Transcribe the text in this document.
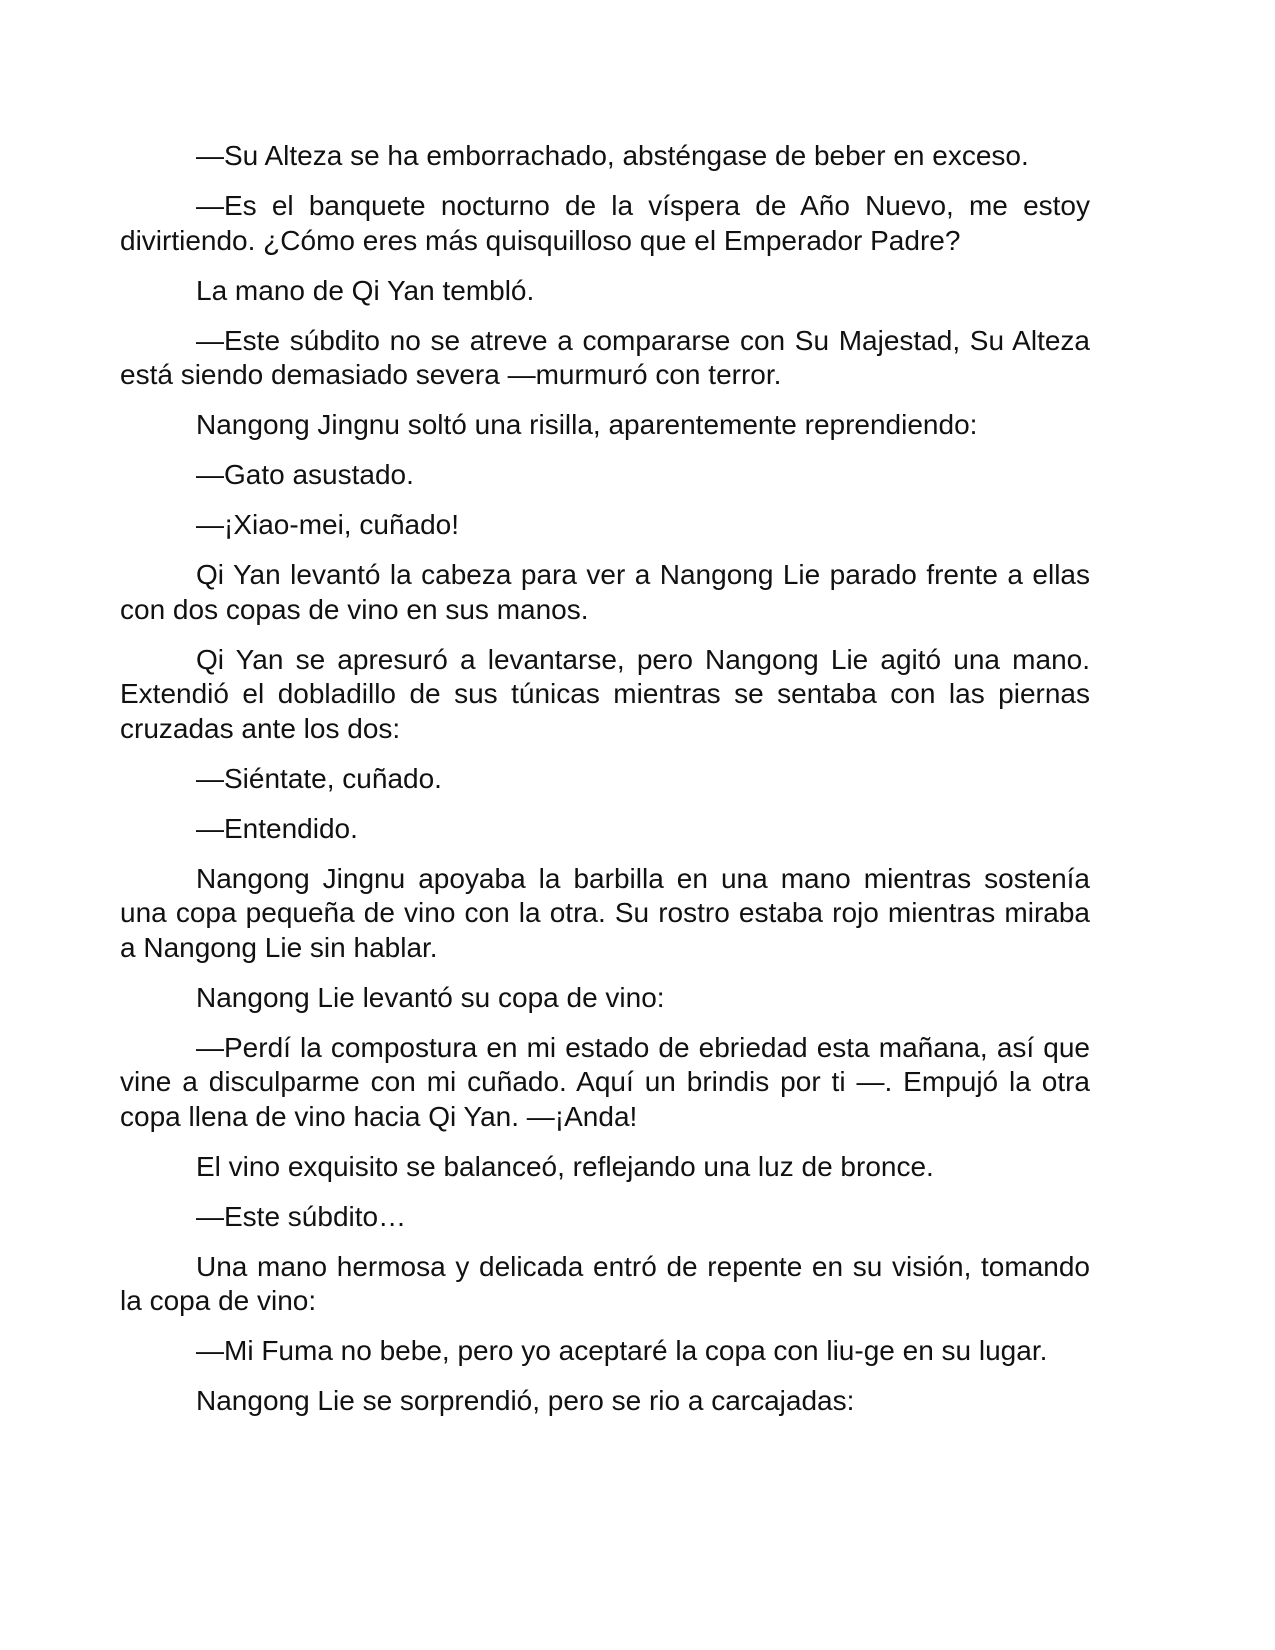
—Su Alteza se ha emborrachado, absténgase de beber en exceso.

—Es el banquete nocturno de la víspera de Año Nuevo, me estoy divirtiendo. ¿Cómo eres más quisquilloso que el Emperador Padre?

La mano de Qi Yan tembló.

—Este súbdito no se atreve a compararse con Su Majestad, Su Alteza está siendo demasiado severa —murmuró con terror.

Nangong Jingnu soltó una risilla, aparentemente reprendiendo:

—Gato asustado.

—¡Xiao-mei, cuñado!

Qi Yan levantó la cabeza para ver a Nangong Lie parado frente a ellas con dos copas de vino en sus manos.

Qi Yan se apresuró a levantarse, pero Nangong Lie agitó una mano. Extendió el dobladillo de sus túnicas mientras se sentaba con las piernas cruzadas ante los dos:

—Siéntate, cuñado.

—Entendido.

Nangong Jingnu apoyaba la barbilla en una mano mientras sostenía una copa pequeña de vino con la otra. Su rostro estaba rojo mientras miraba a Nangong Lie sin hablar.

Nangong Lie levantó su copa de vino:

—Perdí la compostura en mi estado de ebriedad esta mañana, así que vine a disculparme con mi cuñado. Aquí un brindis por ti —. Empujó la otra copa llena de vino hacia Qi Yan. —¡Anda!

El vino exquisito se balanceó, reflejando una luz de bronce.

—Este súbdito…

Una mano hermosa y delicada entró de repente en su visión, tomando la copa de vino:

—Mi Fuma no bebe, pero yo aceptaré la copa con liu-ge en su lugar.

Nangong Lie se sorprendió, pero se rio a carcajadas:
